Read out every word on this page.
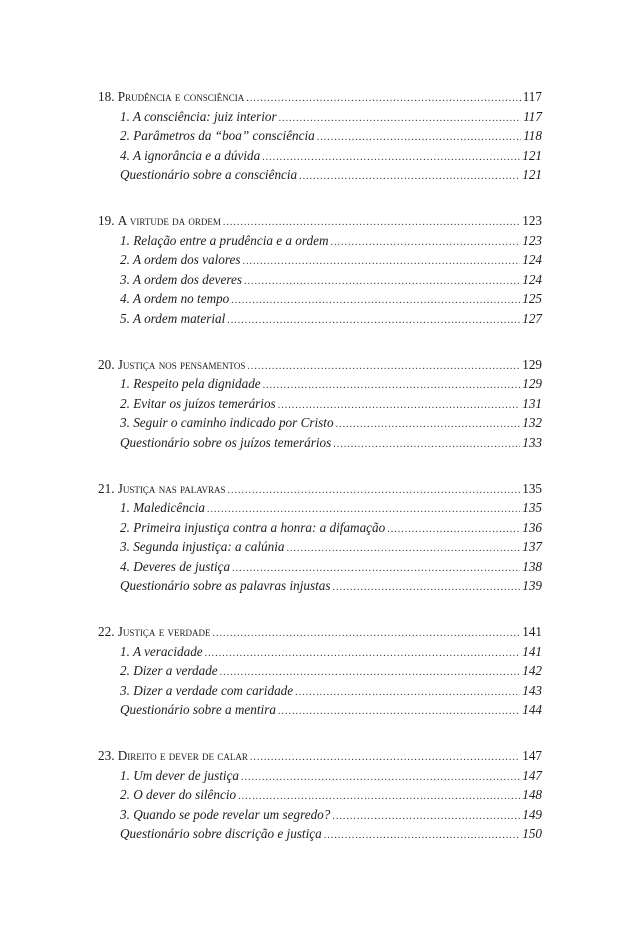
18. Prudência e consciência .....	117
1. A consciência: juiz interior .....	117
2. Parâmetros da “boa” consciência .....	118
4. A ignorância e a dúvida .....	121
Questionário sobre a consciência .....	121
19. A virtude da ordem .....	123
1. Relação entre a prudência e a ordem .....	123
2. A ordem dos valores .....	124
3. A ordem dos deveres .....	124
4. A ordem no tempo .....	125
5. A ordem material .....	127
20. Justiça nos pensamentos .....	129
1. Respeito pela dignidade .....	129
2. Evitar os juízos temerários .....	131
3. Seguir o caminho indicado por Cristo .....	132
Questionário sobre os juízos temerários .....	133
21. Justiça nas palavras .....	135
1. Maledicência .....	135
2. Primeira injustiça contra a honra: a difamação .....	136
3. Segunda injustiça: a calúnia .....	137
4. Deveres de justiça .....	138
Questionário sobre as palavras injustas .....	139
22. Justiça e verdade .....	141
1. A veracidade .....	141
2. Dizer a verdade .....	142
3. Dizer a verdade com caridade .....	143
Questionário sobre a mentira .....	144
23. Direito e dever de calar .....	147
1. Um dever de justiça .....	147
2. O dever do silêncio .....	148
3. Quando se pode revelar um segredo? .....	149
Questionário sobre discrição e justiça .....	150
